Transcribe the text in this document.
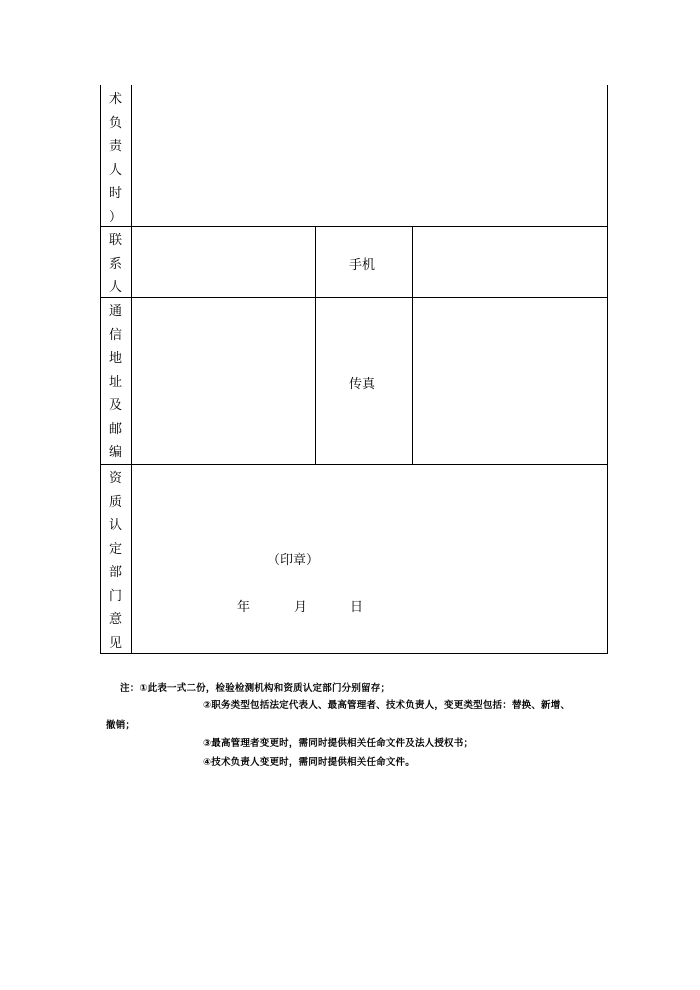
术
负
责
人
时
）
联
系
人
手机
通
信
地
址
及
邮
编
传真
资
质
认
定
部
门
意
见
（印章）
年	月	日
注：①此表一式二份，检验检测机构和资质认定部门分别留存；
②职务类型包括法定代表人、最高管理者、技术负责人，变更类型包括：替换、新增、
撤销；
③最高管理者变更时，需同时提供相关任命文件及法人授权书；
④技术负责人变更时，需同时提供相关任命文件。
